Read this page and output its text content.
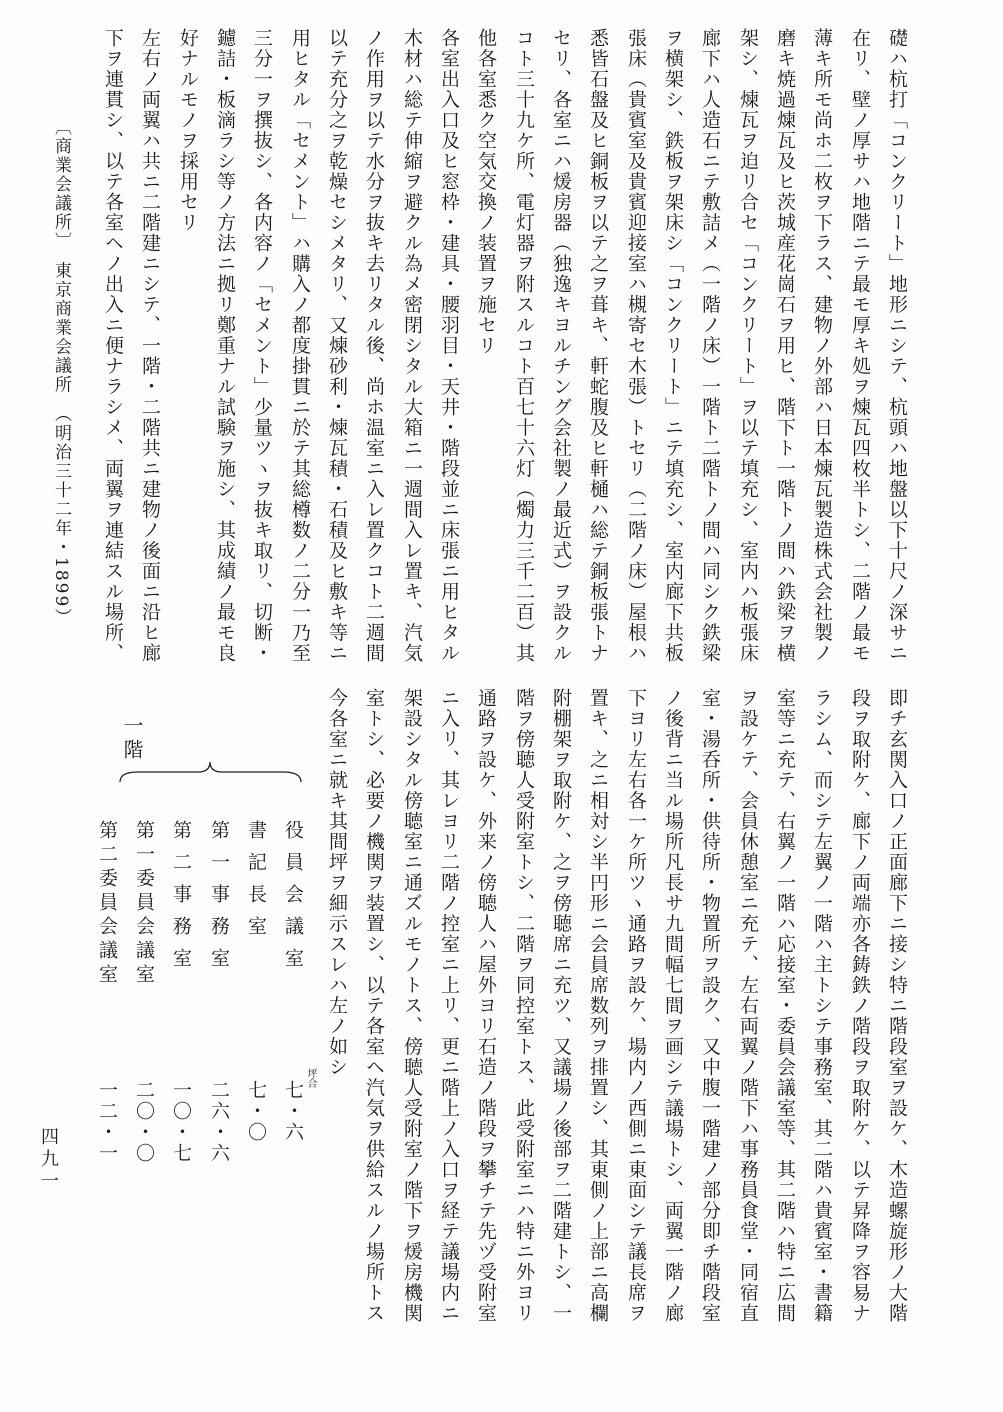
礎ハ杭打「コンクリート」地形ニシテ、杭頭ハ地盤以下十尺ノ深サニ
在リ、壁ノ厚サハ地階ニテ最モ厚キ処ヲ煉瓦四枚半トシ、二階ノ最モ
薄キ所モ尚ホ二枚ヲ下ラス、建物ノ外部ハ日本煉瓦製造株式会社製ノ
磨キ焼過煉瓦及ヒ茨城産花崗石ヲ用ヒ、階下ト一階トノ間ハ鉄梁ヲ横
架シ、煉瓦ヲ迫リ合セ「コンクリート」ヲ以テ填充シ、室内ハ板張床
廊下ハ人造石ニテ敷詰メ（一階ノ床）一階ト二階トノ間ハ同シク鉄梁
ヲ横架シ、鉄板ヲ架床シ「コンクリート」ニテ填充シ、室内廊下共板
張床（貴賓室及貴賓迎接室ハ槻寄セ木張）トセリ（二階ノ床）屋根ハ
悉皆石盤及ヒ銅板ヲ以テ之ヲ葺キ、軒蛇腹及ヒ軒樋ハ総テ銅板張トナ
セリ、各室ニハ煖房器（独逸キヨルチング会社製ノ最近式）ヲ設クル
コト三十九ケ所、電灯器ヲ附スルコト百七十六灯（燭力三千二百）其
他各室悉ク空気交換ノ装置ヲ施セリ
各室出入口及ヒ窓枠・建具・腰羽目・天井・階段並ニ床張ニ用ヒタル
木材ハ総テ伸縮ヲ避クル為メ密閉シタル大箱ニ一週間入レ置キ、汽気
ノ作用ヲ以テ水分ヲ抜キ去リタル後、尚ホ温室ニ入レ置クコト二週間
以テ充分之ヲ乾燥セシメタリ、又煉砂利・煉瓦積・石積及ヒ敷キ等ニ
用ヒタル「セメント」ハ購入ノ都度掛貫ニ於テ其総樽数ノ二分一乃至
三分一ヲ撰抜シ、各内容ノ「セメント」少量ツヽヲ抜キ取リ、切断・
鑢詰・板滴ラシ等ノ方法ニ拠リ鄭重ナル試験ヲ施シ、其成績ノ最モ良
好ナルモノヲ採用セリ
左右ノ両翼ハ共ニ二階建ニシテ、一階・二階共ニ建物ノ後面ニ沿ヒ廊
下ヲ連貫シ、以テ各室ヘノ出入ニ便ナラシメ、両翼ヲ連結スル場所、
〔商業会議所〕　東京商業会議所　（明治三十二年・1899）
即チ玄関入口ノ正面廊下ニ接シ特ニ階段室ヲ設ケ、木造螺旋形ノ大階
段ヲ取附ケ、廊下ノ両端亦各鋳鉄ノ階段ヲ取附ケ、以テ昇降ヲ容易ナ
ラシム、而シテ左翼ノ一階ハ主トシテ事務室、其二階ハ貴賓室・書籍
室等ニ充テ、右翼ノ一階ハ応接室・委員会議室等、其二階ハ特ニ広間
ヲ設ケテ、会員休憩室ニ充テ、左右両翼ノ階下ハ事務員食堂・同宿直
室・湯呑所・供待所・物置所ヲ設ク、又中腹一階建ノ部分即チ階段室
ノ後背ニ当ル場所凡長サ九間幅七間ヲ画シテ議場トシ、両翼一階ノ廊
下ヨリ左右各一ケ所ツヽ通路ヲ設ケ、場内ノ西側ニ東面シテ議長席ヲ
置キ、之ニ相対シ半円形ニ会員席数列ヲ排置シ、其東側ノ上部ニ高欄
附棚架ヲ取附ケ、之ヲ傍聴席ニ充ツ、又議場ノ後部ヲ二階建トシ、一
階ヲ傍聴人受附室トシ、二階ヲ同控室トス、此受附室ニハ特ニ外ヨリ
通路ヲ設ケ、外来ノ傍聴人ハ屋外ヨリ石造ノ階段ヲ攀チテ先ヅ受附室
ニ入リ、其レヨリ二階ノ控室ニ上リ、更ニ階上ノ入口ヲ経テ議場内ニ
架設シタル傍聴室ニ通ズルモノトス、傍聴人受附室ノ階下ヲ煖房機関
室トシ、必要ノ機関ヲ装置シ、以テ各室ヘ汽気ヲ供給スルノ場所トス
今各室ニ就キ其間坪ヲ細示スレハ左ノ如シ
役員会議室
書記長室
第一事務室
第二事務室
第一委員会議室
第二委員会議室
坪合
七・六
七・〇
二六・六
一〇・七
二〇・〇
一二・一
一階
四九一
